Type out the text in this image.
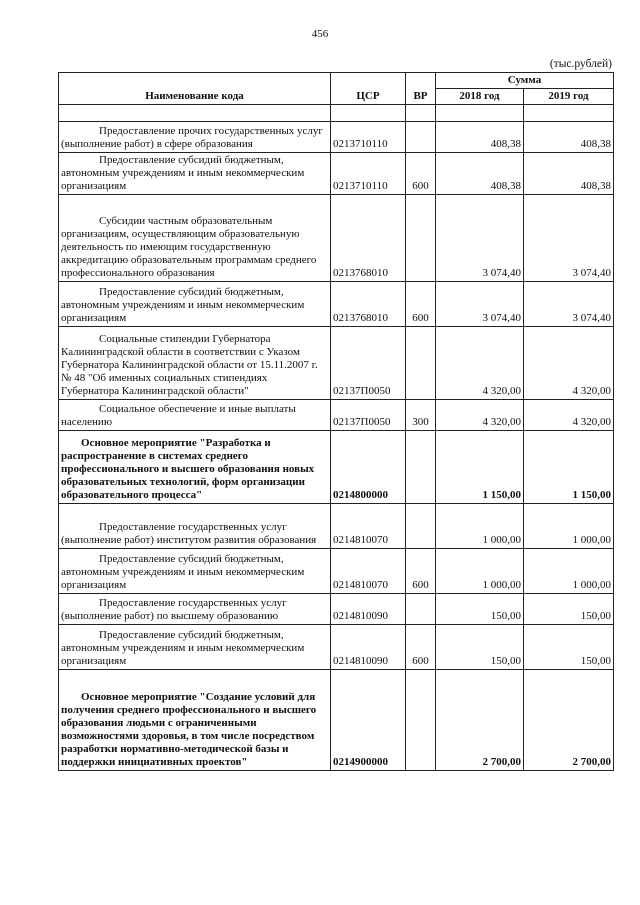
456
(тыс.рублей)
Наименование кода	ЦСР	ВР	Сумма	
			2018 год	2019 год

Предоставление прочих государственных услуг (выполнение работ) в сфере образования	0213710110		408,38	408,38
Предоставление субсидий бюджетным, автономным учреждениям и иным некоммерческим организациям	0213710110	600	408,38	408,38
Субсидии частным образовательным организациям, осуществляющим образовательную деятельность по имеющим государственную аккредитацию образовательным программам среднего профессионального образования	0213768010		3 074,40	3 074,40
Предоставление субсидий бюджетным, автономным учреждениям и иным некоммерческим организациям	0213768010	600	3 074,40	3 074,40
Социальные стипендии Губернатора Калининградской области в соответствии с Указом Губернатора Калининградской области от 15.11.2007 г. № 48 "Об именных социальных стипендиях Губернатора Калининградской области"	02137П0050		4 320,00	4 320,00
Социальное обеспечение и иные выплаты населению	02137П0050	300	4 320,00	4 320,00
Основное мероприятие "Разработка и распространение в системах среднего профессионального и высшего образования новых образовательных технологий, форм организации образовательного процесса"	0214800000		1 150,00	1 150,00
Предоставление государственных услуг (выполнение работ) институтом развития образования	0214810070		1 000,00	1 000,00
Предоставление субсидий бюджетным, автономным учреждениям и иным некоммерческим организациям	0214810070	600	1 000,00	1 000,00
Предоставление государственных услуг (выполнение работ) по высшему образованию	0214810090		150,00	150,00
Предоставление субсидий бюджетным, автономным учреждениям и иным некоммерческим организациям	0214810090	600	150,00	150,00
Основное мероприятие "Создание условий для получения среднего профессионального и высшего образования людьми с ограниченными возможностями здоровья, в том числе посредством разработки нормативно-методической базы и поддержки инициативных проектов"	0214900000		2 700,00	2 700,00
